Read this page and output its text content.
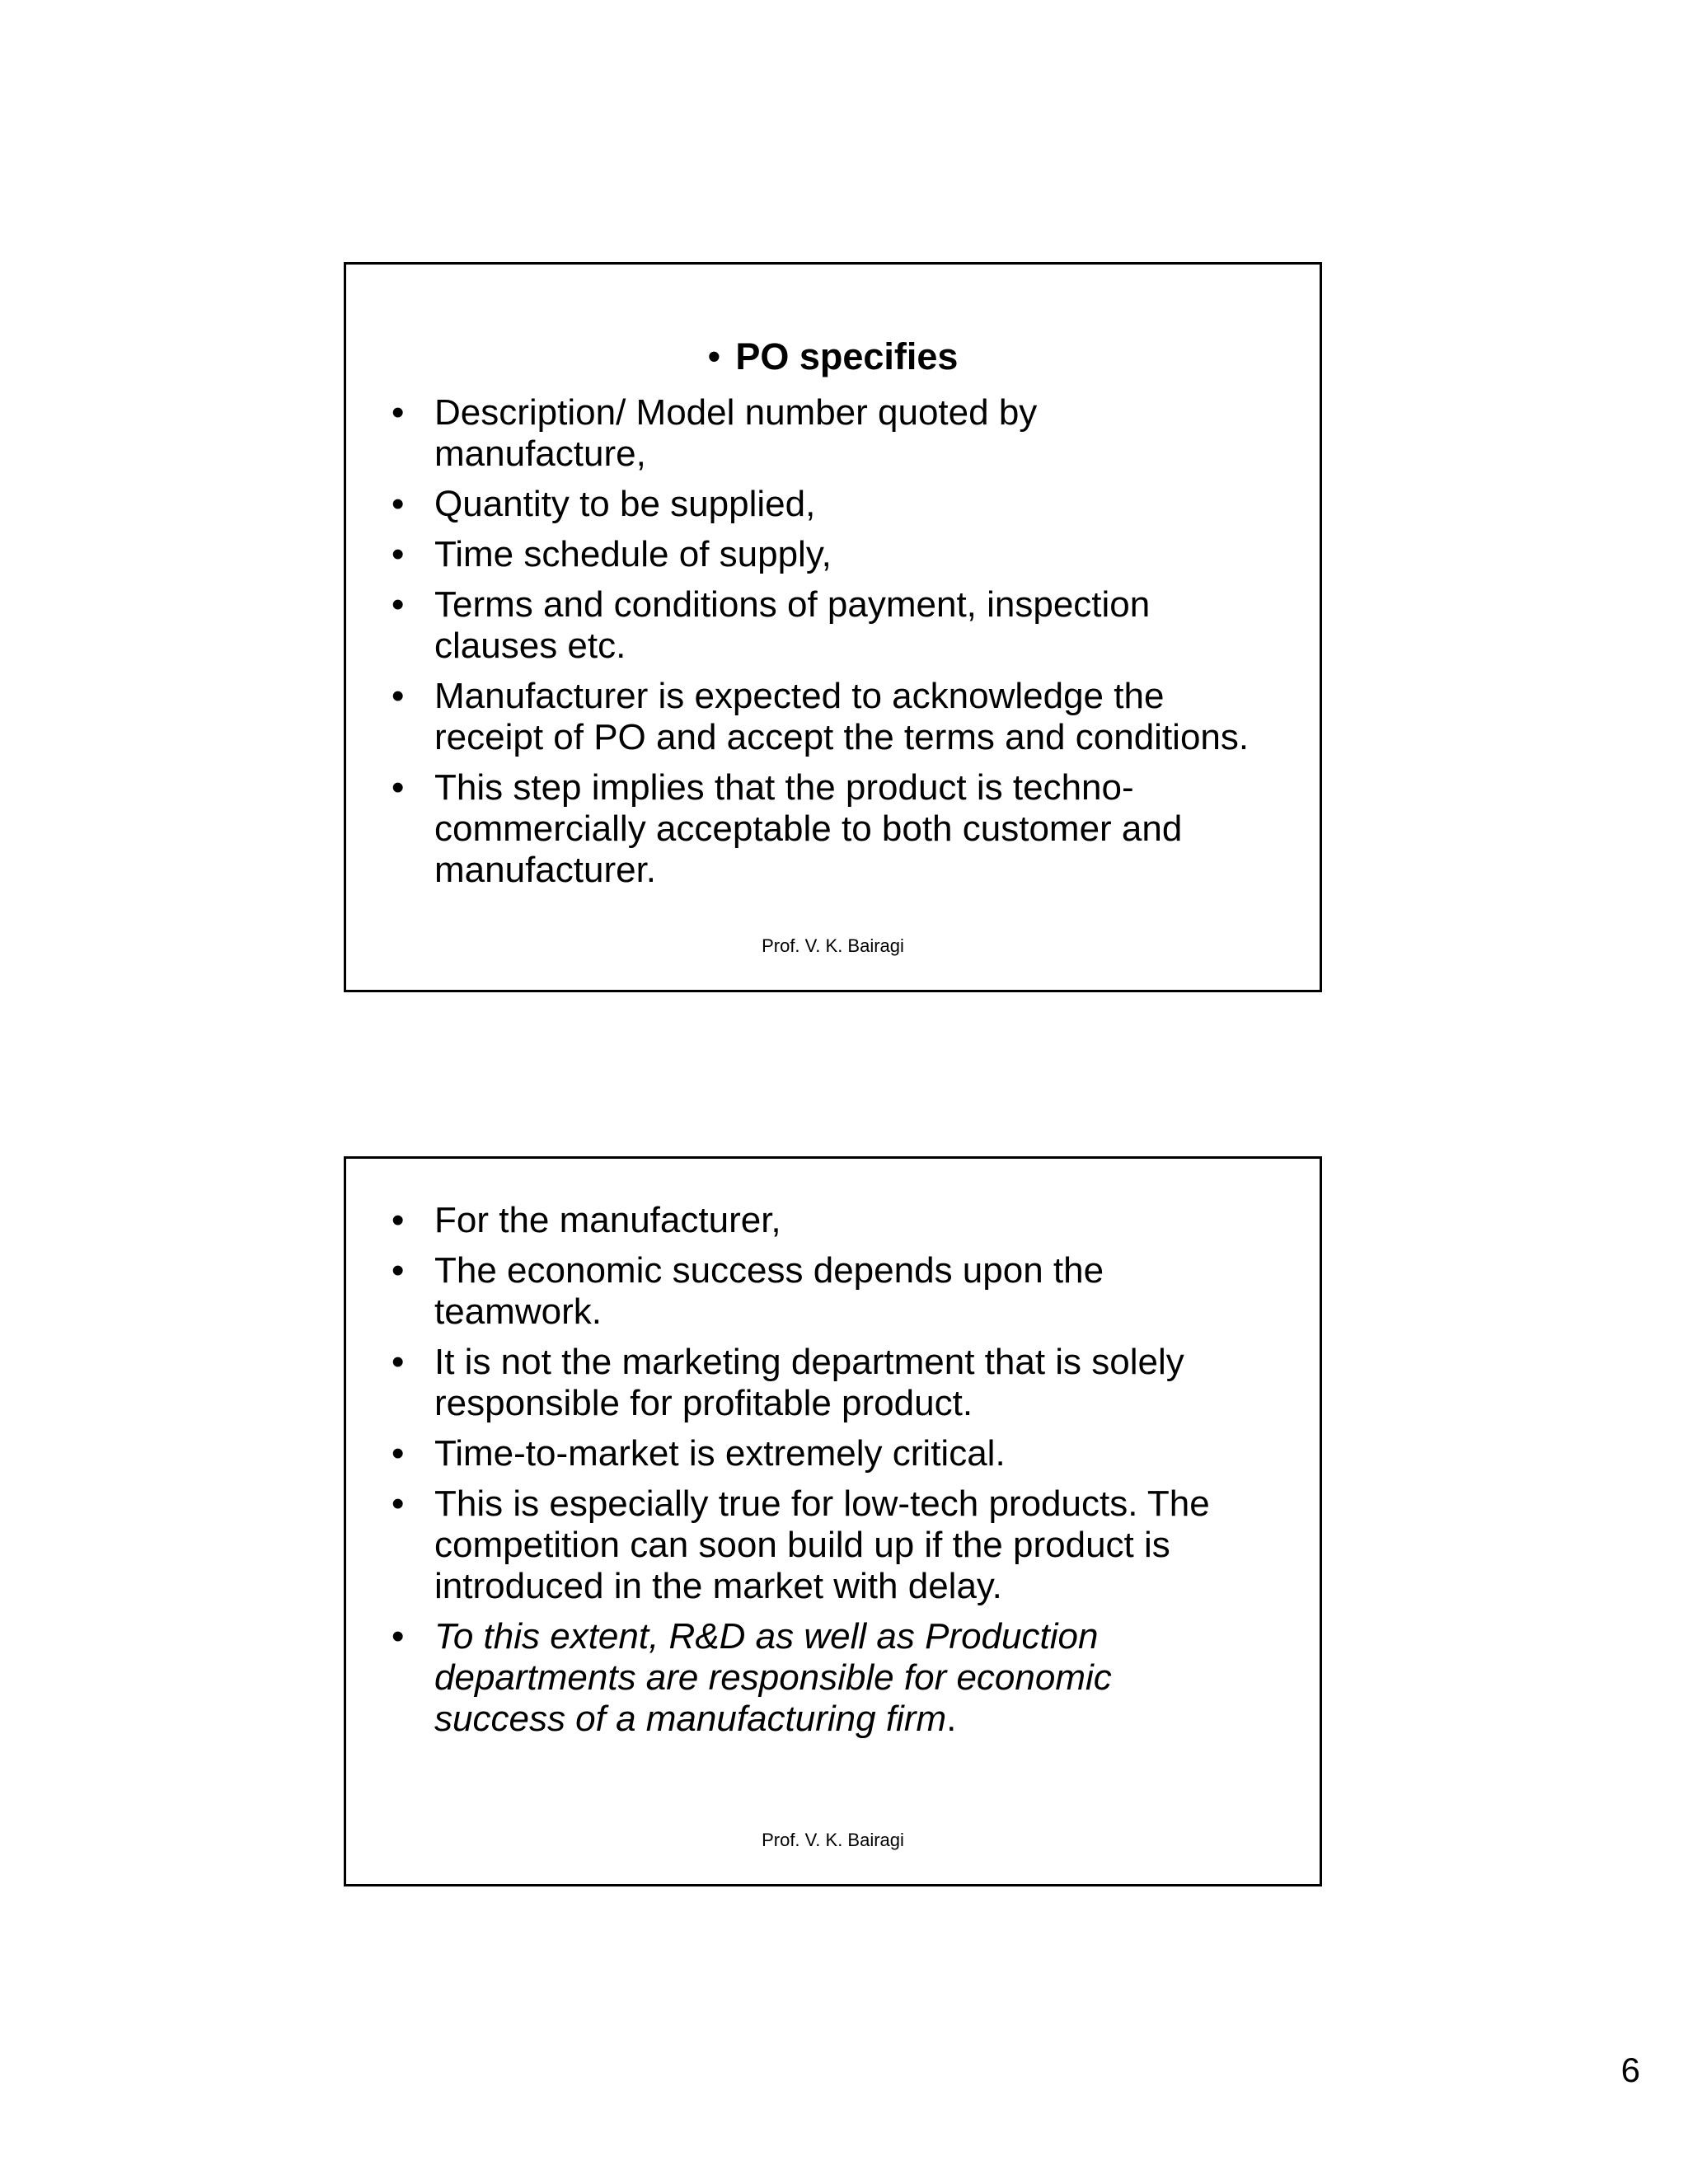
• PO specifies
• Description/ Model number quoted by manufacture,
• Quantity to be supplied,
• Time schedule of supply,
• Terms and conditions of payment, inspection clauses etc.
• Manufacturer is expected to acknowledge the receipt of PO and accept the terms and conditions.
• This step implies that the product is techno-commercially acceptable to both customer and manufacturer.
Prof. V. K. Bairagi
• For the manufacturer,
• The economic success depends upon the teamwork.
• It is not the marketing department that is solely responsible for profitable product.
• Time-to-market is extremely critical.
• This is especially true for low-tech products. The competition can soon build up if the product is introduced in the market with delay.
• To this extent, R&D as well as Production departments are responsible for economic success of a manufacturing firm.
Prof. V. K. Bairagi
6
